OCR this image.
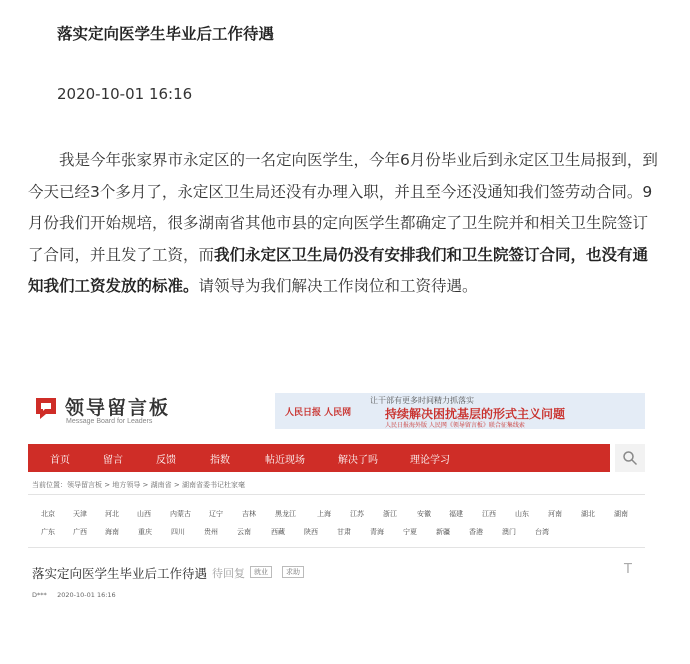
落实定向医学生毕业后工作待遇
2020-10-01 16:16
我是今年张家界市永定区的一名定向医学生，今年6月份毕业后到永定区卫生局报到，到今天已经3个多月了，永定区卫生局还没有办理入职，并且至今还没通知我们签劳动合同。9月份我们开始规培，很多湖南省其他市县的定向医学生都确定了卫生院并和相关卫生院签订了合同，并且发了工资，而我们永定区卫生局仍没有安排我们和卫生院签订合同，也没有通知我们工资发放的标准。请领导为我们解决工作岗位和工资待遇。
领导留言板
Message Board for Leaders
人民日报 人民网
让干部有更多时间精力抓落实
持续解决困扰基层的形式主义问题
人民日报海外版 人民网《领导留言板》联合征集线索
首页	留言	反馈	指数	帖近现场	解决了吗	理论学习
当前位置：领导留言板 > 地方领导 > 湖南省 > 湖南省委书记杜家毫
北京	天津	河北	山西	内蒙古	辽宁	吉林	黑龙江	上海	江苏	浙江	安徽	福建	江西	山东	河南	湖北	湖南
广东	广西	海南	重庆	四川	贵州	云南	西藏	陕西	甘肃	青海	宁夏	新疆	香港	澳门	台湾
落实定向医学生毕业后工作待遇 待回复	就业	求助	T
D*** 2020-10-01 16:16
